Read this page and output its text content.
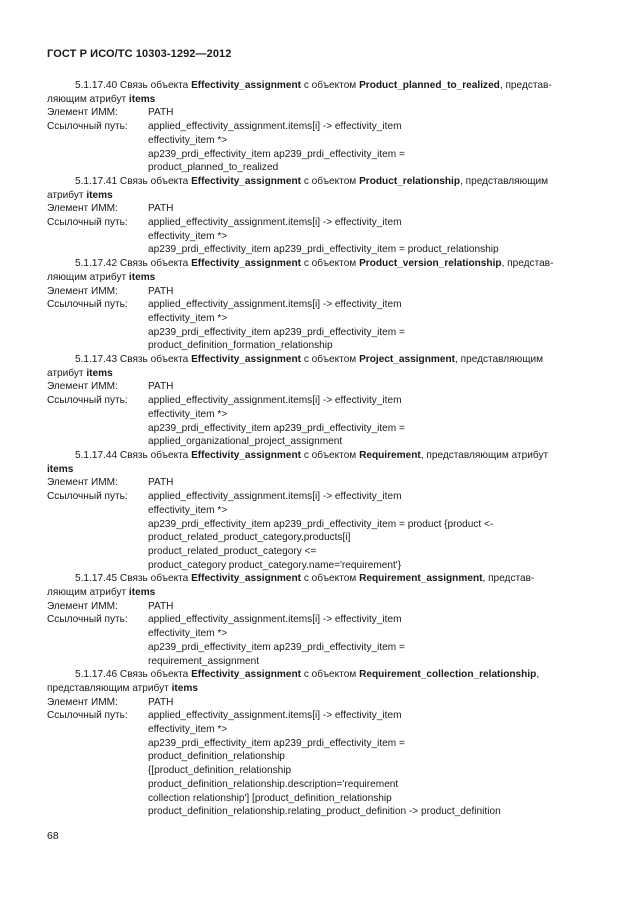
ГОСТ Р ИСО/ТС 10303-1292—2012
5.1.17.40 Связь объекта Effectivity_assignment с объектом Product_planned_to_realized, представ-
ляющим атрибут items
Элемент ИММ:	PATH
Ссылочный путь:	applied_effectivity_assignment.items[i] -> effectivity_item
effectivity_item *>
ap239_prdi_effectivity_item ap239_prdi_effectivity_item =
product_planned_to_realized
5.1.17.41 Связь объекта Effectivity_assignment с объектом Product_relationship, представляющим
атрибут items
Элемент ИММ:	PATH
Ссылочный путь:	applied_effectivity_assignment.items[i] -> effectivity_item
effectivity_item *>
ap239_prdi_effectivity_item ap239_prdi_effectivity_item = product_relationship
5.1.17.42 Связь объекта Effectivity_assignment с объектом Product_version_relationship, представ-
ляющим атрибут items
Элемент ИММ:	PATH
Ссылочный путь:	applied_effectivity_assignment.items[i] -> effectivity_item
effectivity_item *>
ap239_prdi_effectivity_item ap239_prdi_effectivity_item =
product_definition_formation_relationship
5.1.17.43 Связь объекта Effectivity_assignment с объектом Project_assignment, представляющим
атрибут items
Элемент ИММ:	PATH
Ссылочный путь:	applied_effectivity_assignment.items[i] -> effectivity_item
effectivity_item *>
ap239_prdi_effectivity_item ap239_prdi_effectivity_item =
applied_organizational_project_assignment
5.1.17.44 Связь объекта Effectivity_assignment с объектом Requirement, представляющим атрибут
items
Элемент ИММ:	PATH
Ссылочный путь:	applied_effectivity_assignment.items[i] -> effectivity_item
effectivity_item *>
ap239_prdi_effectivity_item ap239_prdi_effectivity_item = product {product <-
product_related_product_category.products[i]
product_related_product_category <=
product_category product_category.name='requirement'}
5.1.17.45 Связь объекта Effectivity_assignment с объектом Requirement_assignment, представ-
ляющим атрибут items
Элемент ИММ:	PATH
Ссылочный путь:	applied_effectivity_assignment.items[i] -> effectivity_item
effectivity_item *>
ap239_prdi_effectivity_item ap239_prdi_effectivity_item =
requirement_assignment
5.1.17.46 Связь объекта Effectivity_assignment с объектом Requirement_collection_relationship,
представляющим атрибут items
Элемент ИММ:	PATH
Ссылочный путь:	applied_effectivity_assignment.items[i] -> effectivity_item
effectivity_item *>
ap239_prdi_effectivity_item ap239_prdi_effectivity_item =
product_definition_relationship
{[product_definition_relationship
product_definition_relationship.description='requirement
collection relationship'] [product_definition_relationship
product_definition_relationship.relating_product_definition -> product_definition
68
